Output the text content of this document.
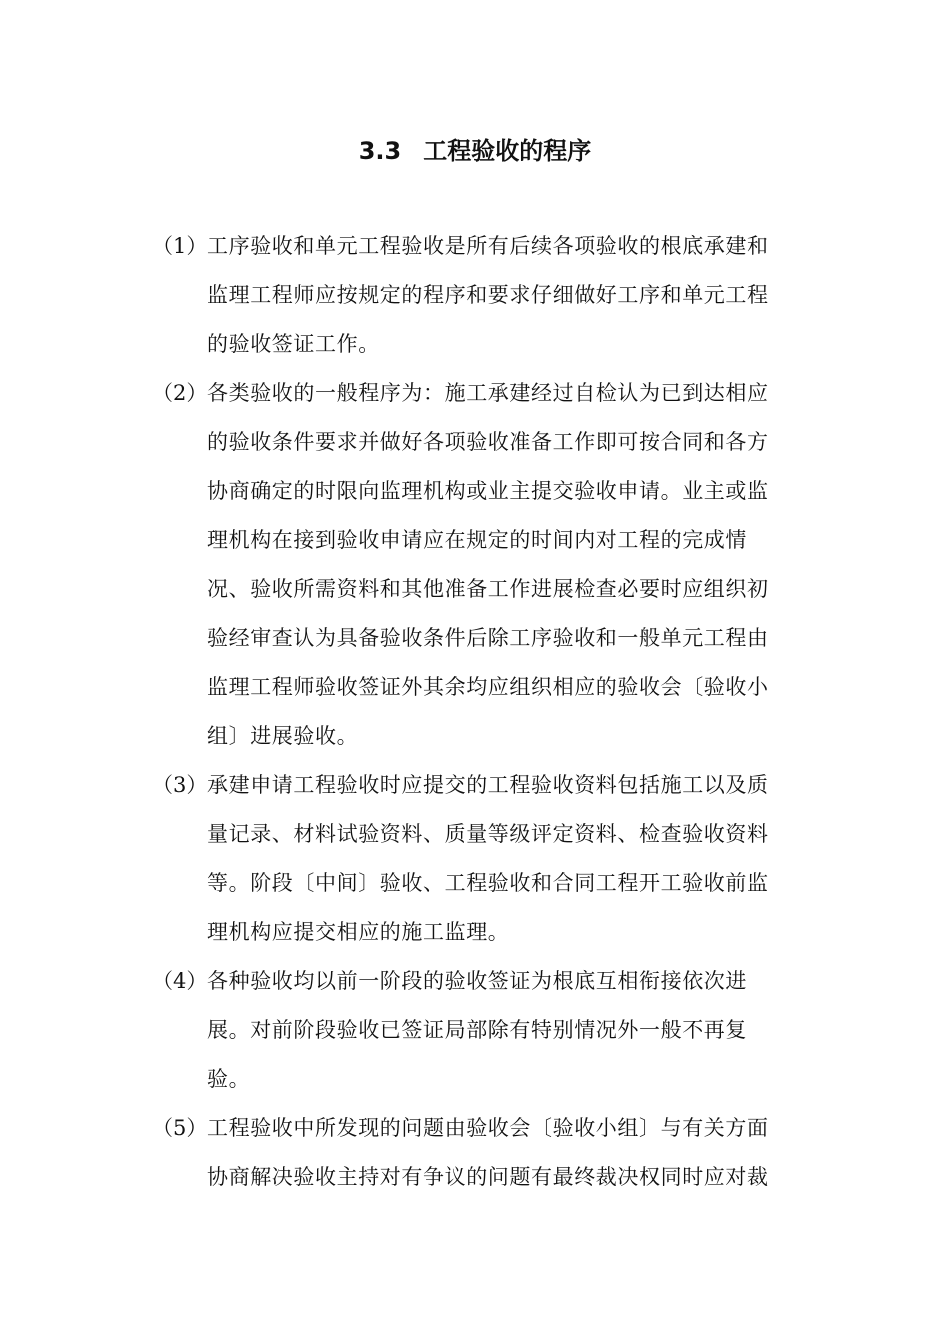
3.3 工程验收的程序
（1） 工序验收和单元工程验收是所有后续各项验收的根底承建和
监理工程师应按规定的程序和要求仔细做好工序和单元工程
的验收签证工作。
（2） 各类验收的一般程序为：施工承建经过自检认为已到达相应
的验收条件要求并做好各项验收准备工作即可按合同和各方
协商确定的时限向监理机构或业主提交验收申请。业主或监
理机构在接到验收申请应在规定的时间内对工程的完成情
况、验收所需资料和其他准备工作进展检查必要时应组织初
验经审查认为具备验收条件后除工序验收和一般单元工程由
监理工程师验收签证外其余均应组织相应的验收会〔验收小
组〕进展验收。
（3） 承建申请工程验收时应提交的工程验收资料包括施工以及质
量记录、材料试验资料、质量等级评定资料、检查验收资料
等。阶段〔中间〕验收、工程验收和合同工程开工验收前监
理机构应提交相应的施工监理。
（4） 各种验收均以前一阶段的验收签证为根底互相衔接依次进
展。对前阶段验收已签证局部除有特别情况外一般不再复
验。
（5） 工程验收中所发现的问题由验收会〔验收小组〕与有关方面
协商解决验收主持对有争议的问题有最终裁决权同时应对裁
